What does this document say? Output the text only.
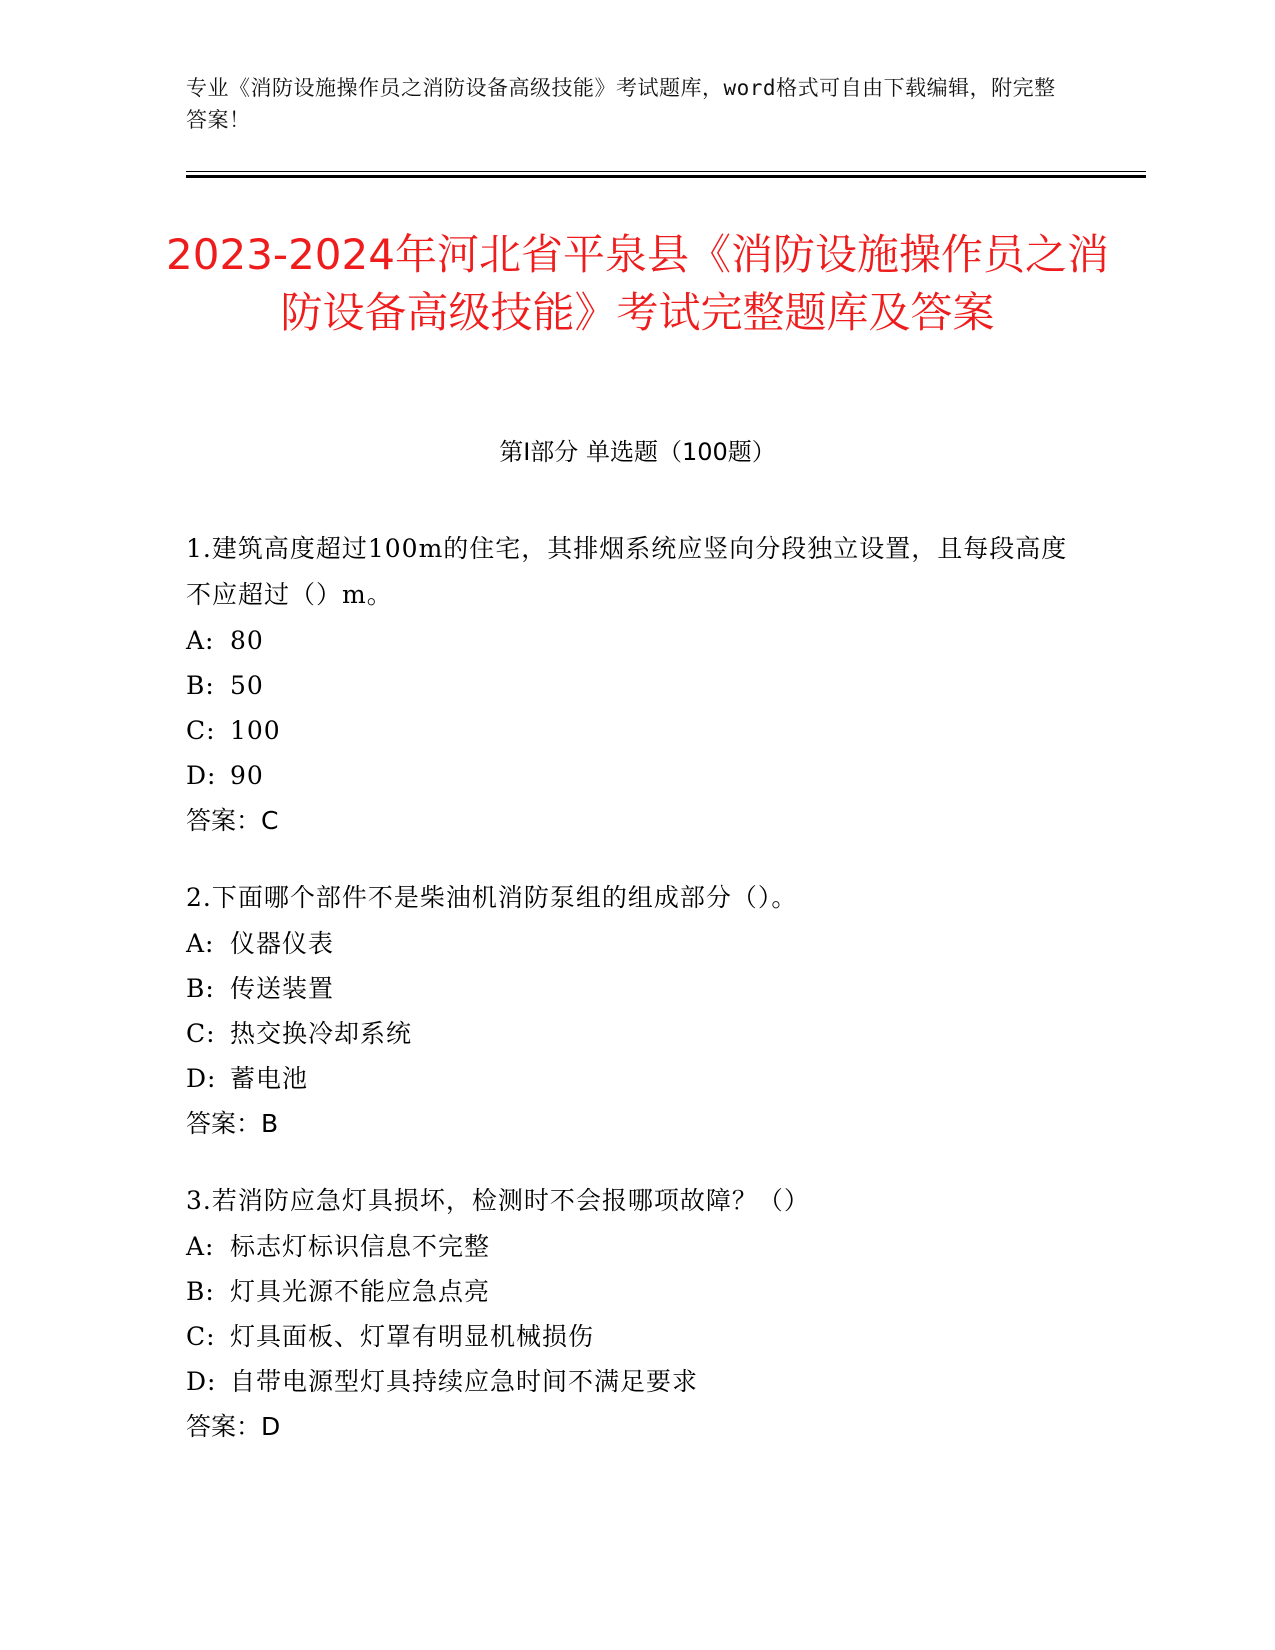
专业《消防设施操作员之消防设备高级技能》考试题库，word格式可自由下载编辑，附完整答案！
2023-2024年河北省平泉县《消防设施操作员之消防设备高级技能》考试完整题库及答案
第Ⅰ部分 单选题（100题）

1.建筑高度超过100m的住宅，其排烟系统应竖向分段独立设置，且每段高度不应超过（）m。

A: 80

B: 50

C: 100

D: 90

答案：C

2.下面哪个部件不是柴油机消防泵组的组成部分（）。

A: 仪器仪表

B: 传送装置

C: 热交换冷却系统

D: 蓄电池

答案：B

3.若消防应急灯具损坏，检测时不会报哪项故障？（）

A: 标志灯标识信息不完整

B: 灯具光源不能应急点亮

C: 灯具面板、灯罩有明显机械损伤

D: 自带电源型灯具持续应急时间不满足要求

答案：D
